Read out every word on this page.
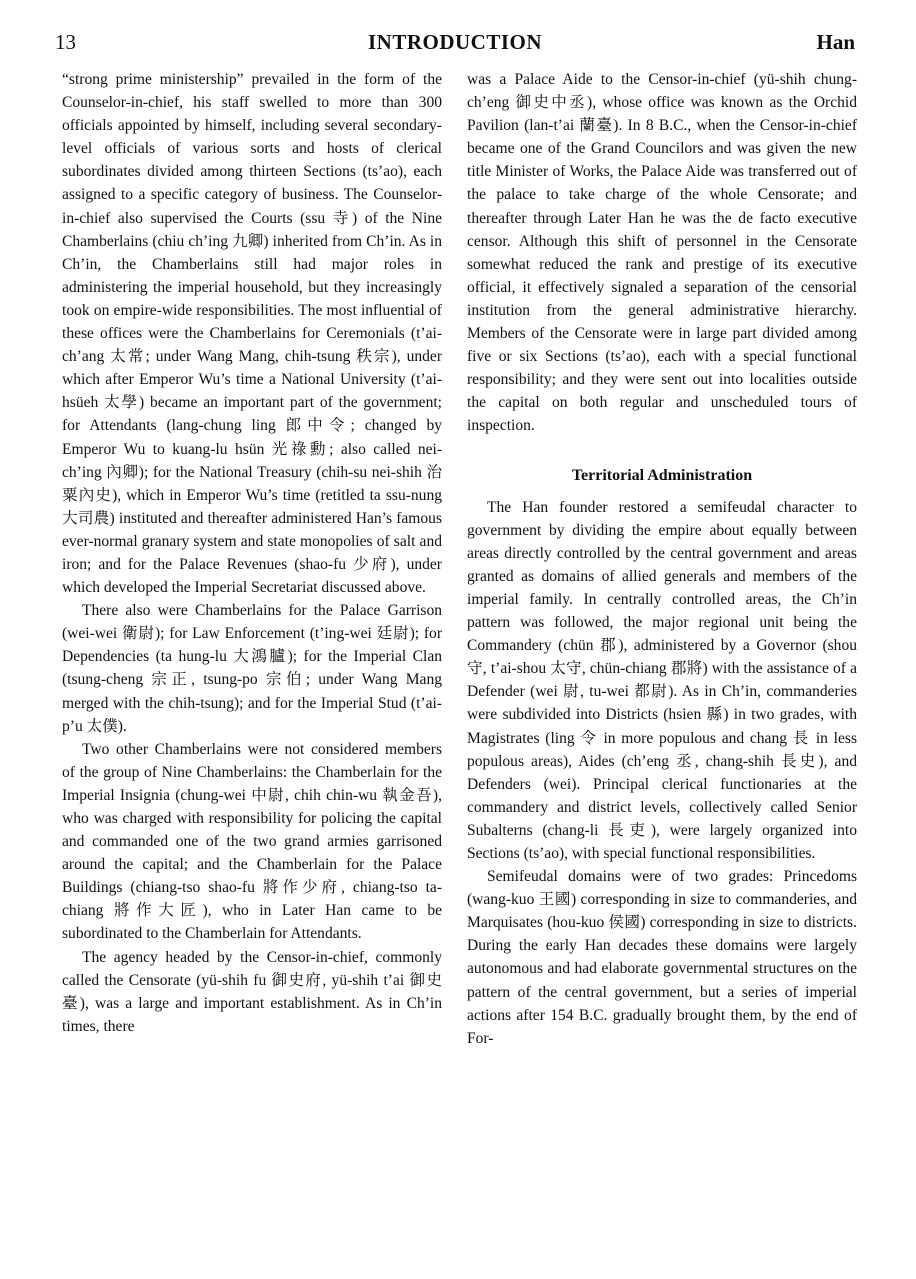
13	INTRODUCTION	Han

“strong prime ministership” prevailed in the form of the Counselor-in-chief, his staff swelled to more than 300 officials appointed by himself, including several secondary-level officials of various sorts and hosts of clerical subordinates divided among thirteen Sections (ts’ao), each assigned to a specific category of business. The Counselor-in-chief also supervised the Courts (ssu 寺) of the Nine Chamberlains (chiu ch’ing 九卿) inherited from Ch’in. As in Ch’in, the Chamberlains still had major roles in administering the imperial household, but they increasingly took on empire-wide responsibilities. The most influential of these offices were the Chamberlains for Ceremonials (t’ai-ch’ang 太常; under Wang Mang, chih-tsung 秩宗), under which after Emperor Wu’s time a National University (t’ai-hsüeh 太學) became an important part of the government; for Attendants (lang-chung ling 郎中令; changed by Emperor Wu to kuang-lu hsün 光祿勳; also called nei-ch’ing 內卿); for the National Treasury (chih-su nei-shih 治粟內史), which in Emperor Wu’s time (retitled ta ssu-nung 大司農) instituted and thereafter administered Han’s famous ever-normal granary system and state monopolies of salt and iron; and for the Palace Revenues (shao-fu 少府), under which developed the Imperial Secretariat discussed above.

There also were Chamberlains for the Palace Garrison (wei-wei 衛尉); for Law Enforcement (t’ing-wei 廷尉); for Dependencies (ta hung-lu 大鴻臚); for the Imperial Clan (tsung-cheng 宗正, tsung-po 宗伯; under Wang Mang merged with the chih-tsung); and for the Imperial Stud (t’ai-p’u 太僕).

Two other Chamberlains were not considered members of the group of Nine Chamberlains: the Chamberlain for the Imperial Insignia (chung-wei 中尉, chih chin-wu 執金吾), who was charged with responsibility for policing the capital and commanded one of the two grand armies garrisoned around the capital; and the Chamberlain for the Palace Buildings (chiang-tso shao-fu 將作少府, chiang-tso ta-chiang 將作大匠), who in Later Han came to be subordinated to the Chamberlain for Attendants.

The agency headed by the Censor-in-chief, commonly called the Censorate (yü-shih fu 御史府, yü-shih t’ai 御史臺), was a large and important establishment. As in Ch’in times, there

was a Palace Aide to the Censor-in-chief (yü-shih chung-ch’eng 御史中丞), whose office was known as the Orchid Pavilion (lan-t’ai 蘭臺). In 8 B.C., when the Censor-in-chief became one of the Grand Councilors and was given the new title Minister of Works, the Palace Aide was transferred out of the palace to take charge of the whole Censorate; and thereafter through Later Han he was the de facto executive censor. Although this shift of personnel in the Censorate somewhat reduced the rank and prestige of its executive official, it effectively signaled a separation of the censorial institution from the general administrative hierarchy. Members of the Censorate were in large part divided among five or six Sections (ts’ao), each with a special functional responsibility; and they were sent out into localities outside the capital on both regular and unscheduled tours of inspection.

Territorial Administration

The Han founder restored a semifeudal character to government by dividing the empire about equally between areas directly controlled by the central government and areas granted as domains of allied generals and members of the imperial family. In centrally controlled areas, the Ch’in pattern was followed, the major regional unit being the Commandery (chün 郡), administered by a Governor (shou 守, t’ai-shou 太守, chün-chiang 郡將) with the assistance of a Defender (wei 尉, tu-wei 都尉). As in Ch’in, commanderies were subdivided into Districts (hsien 縣) in two grades, with Magistrates (ling 令 in more populous and chang 長 in less populous areas), Aides (ch’eng 丞, chang-shih 長史), and Defenders (wei). Principal clerical functionaries at the commandery and district levels, collectively called Senior Subalterns (chang-li 長吏), were largely organized into Sections (ts’ao), with special functional responsibilities.

Semifeudal domains were of two grades: Princedoms (wang-kuo 王國) corresponding in size to commanderies, and Marquisates (hou-kuo 侯國) corresponding in size to districts. During the early Han decades these domains were largely autonomous and had elaborate governmental structures on the pattern of the central government, but a series of imperial actions after 154 B.C. gradually brought them, by the end of For-
